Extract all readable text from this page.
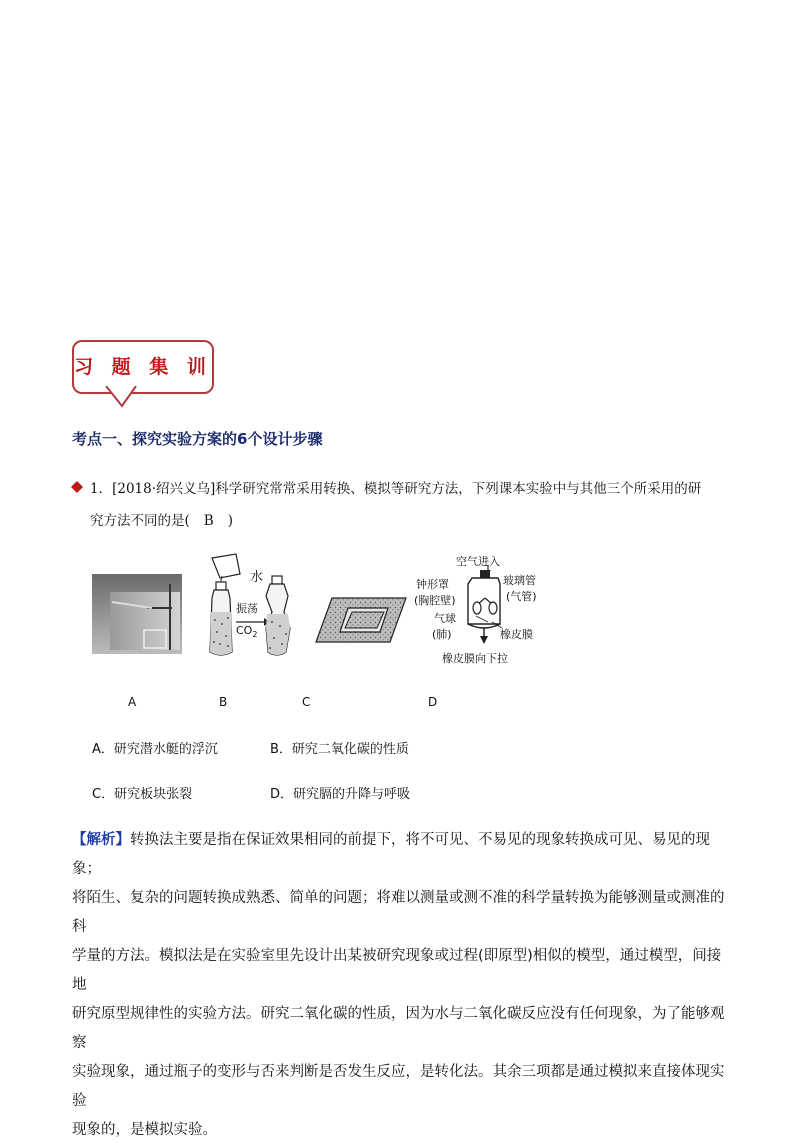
习 题 集 训
考点一、探究实验方案的6个设计步骤
1．[2018·绍兴义乌]科学研究常常采用转换、模拟等研究方法，下列课本实验中与其他三个所采用的研
究方法不同的是( B )
水
振荡
$CO_2$
空气进入
钟形罩
(胸腔壁)
玻璃管
(气管)
气球
(肺)	橡皮膜
橡皮膜向下拉
A	B	C	D
A．研究潜水艇的浮沉	B．研究二氧化碳的性质
C．研究板块张裂	D．研究膈的升降与呼吸

【解析】转换法主要是指在保证效果相同的前提下，将不可见、不易见的现象转换成可见、易见的现象；

将陌生、复杂的问题转换成熟悉、简单的问题；将难以测量或测不准的科学量转换为能够测量或测准的科

学量的方法。模拟法是在实验室里先设计出某被研究现象或过程(即原型)相似的模型，通过模型，间接地

研究原型规律性的实验方法。研究二氧化碳的性质，因为水与二氧化碳反应没有任何现象，为了能够观察

实验现象，通过瓶子的变形与否来判断是否发生反应，是转化法。其余三项都是通过模拟来直接体现实验

现象的，是模拟实验。
